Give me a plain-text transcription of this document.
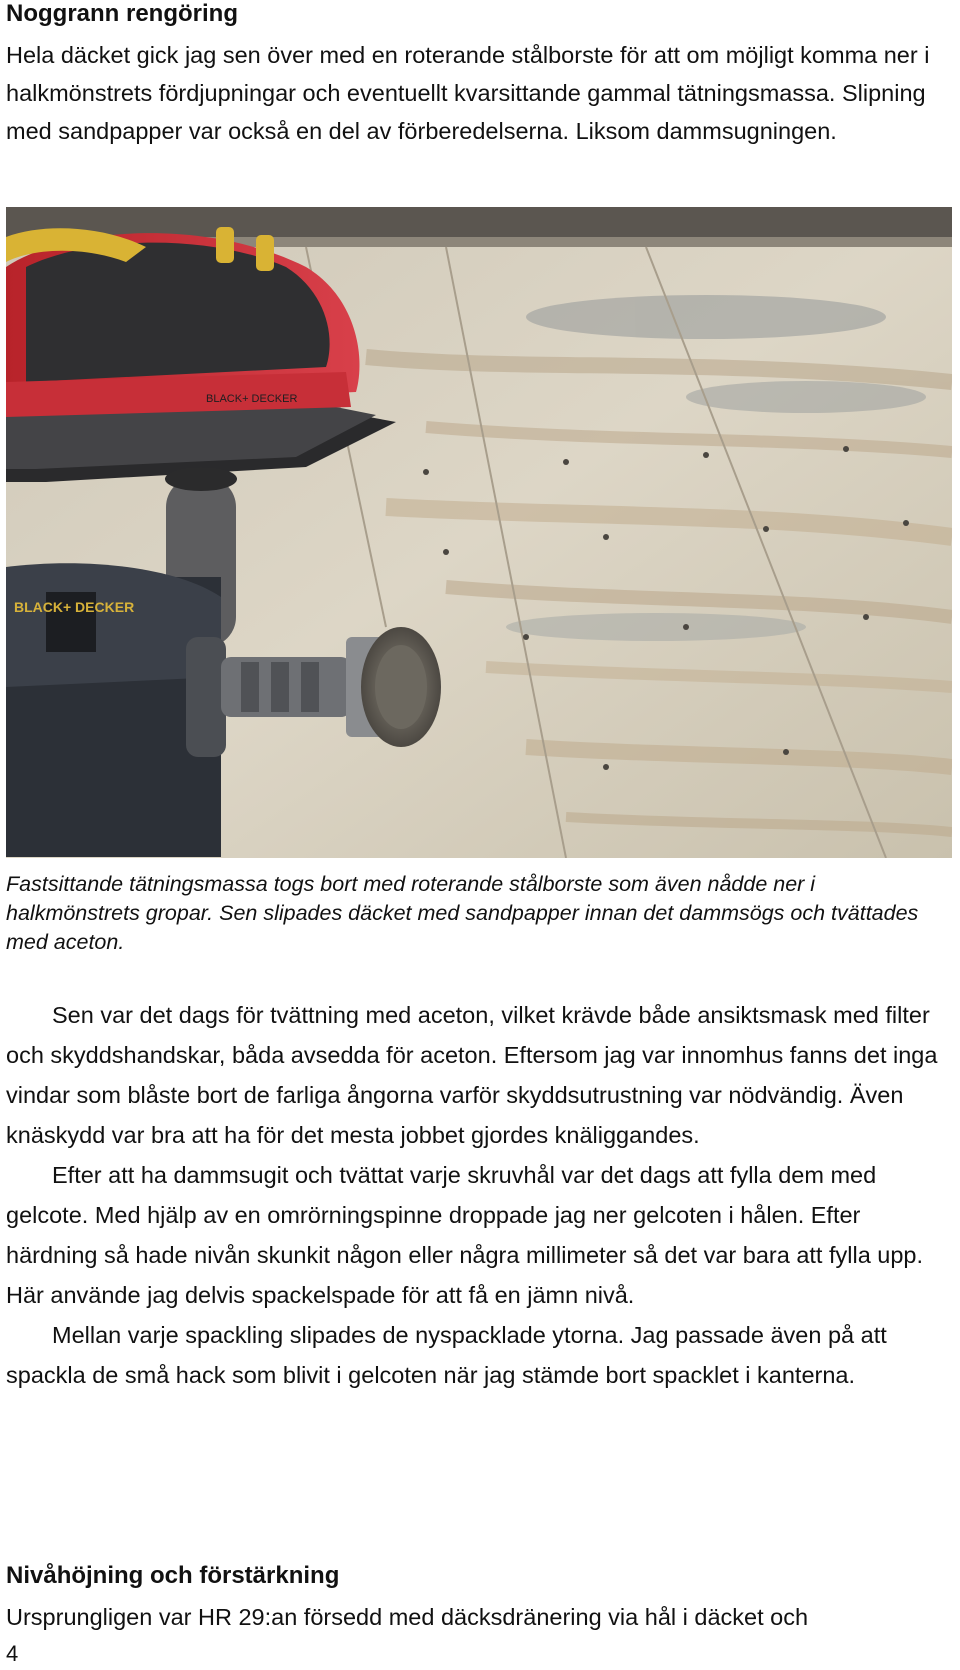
Noggrann rengöring

Hela däcket gick jag sen över med en roterande stålborste för att om möjligt komma ner i halkmönstrets fördjupningar och eventuellt kvarsittande gammal tätningsmassa. Slipning med sandpapper var också en del av förberedelserna. Liksom dammsugningen.

BLACK+ DECKER
BLACK+ DECKER

Fastsittande tätningsmassa togs bort med roterande stålborste som även nådde ner i halkmönstrets gropar. Sen slipades däcket med sandpapper innan det dammsögs och tvättades med aceton.

Sen var det dags för tvättning med aceton, vilket krävde både ansiktsmask med filter och skyddshandskar, båda avsedda för aceton. Eftersom jag var innomhus fanns det inga vindar som blåste bort de farliga ångorna varför skyddsutrustning var nödvändig. Även knäskydd var bra att ha för det mesta jobbet gjordes knäliggandes.

Efter att ha dammsugit och tvättat varje skruvhål var det dags att fylla dem med gelcote. Med hjälp av en omrörningspinne droppade jag ner gelcoten i hålen. Efter härdning så hade nivån skunkit någon eller några millimeter så det var bara att fylla upp. Här använde jag delvis spackelspade för att få en jämn nivå.

Mellan varje spackling slipades de nyspacklade ytorna. Jag passade även på att spackla de små hack som blivit i gelcoten när jag stämde bort spacklet i kanterna.

Nivåhöjning och förstärkning

Ursprungligen var HR 29:an försedd med däcksdränering via hål i däcket och

4
